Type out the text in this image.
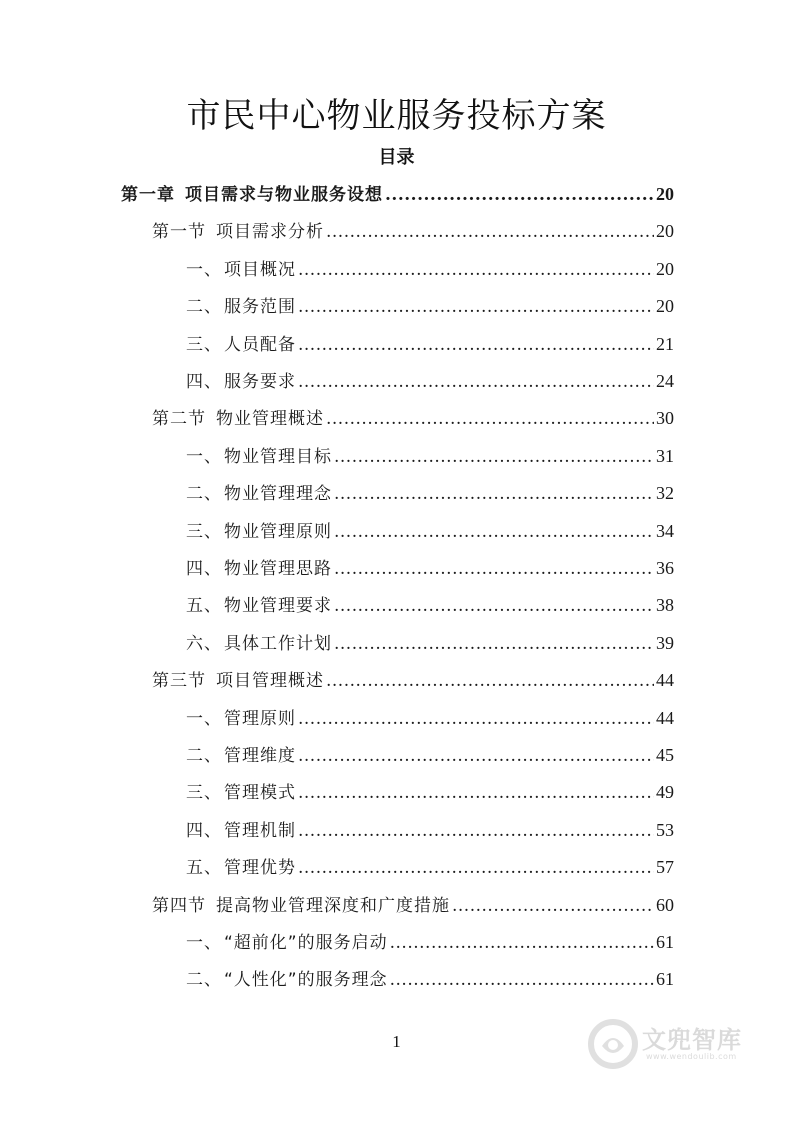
市民中心物业服务投标方案
目录
第一章 项目需求与物业服务设想 .....	20
第一节 项目需求分析 .....	20
一、 项目概况 .....	20
二、 服务范围 .....	20
三、 人员配备 .....	21
四、 服务要求 .....	24
第二节 物业管理概述 .....	30
一、 物业管理目标 .....	31
二、 物业管理理念 .....	32
三、 物业管理原则 .....	34
四、 物业管理思路 .....	36
五、 物业管理要求 .....	38
六、 具体工作计划 .....	39
第三节 项目管理概述 .....	44
一、 管理原则 .....	44
二、 管理维度 .....	45
三、 管理模式 .....	49
四、 管理机制 .....	53
五、 管理优势 .....	57
第四节 提高物业管理深度和广度措施 .....	60
一、 “超前化”的服务启动 .....	61
二、 “人性化”的服务理念 .....	61
1	文兜智库
www.wendoulib.com
